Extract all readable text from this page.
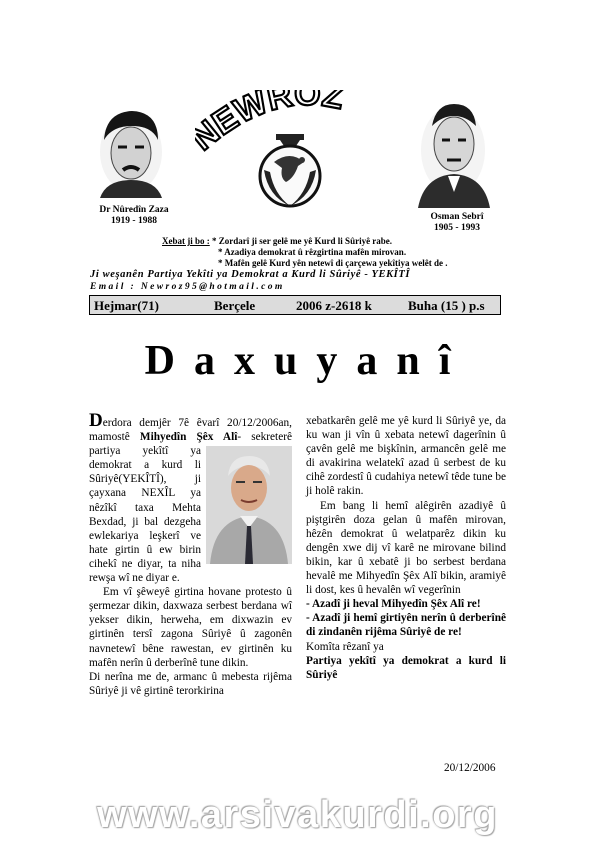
EWROZ
Dr Nûredîn Zaza
1919 - 1988	Osman Sebrî
1905 - 1993
Xebat ji bo : * Zordarî ji ser gelê me yê Kurd li Sûriyê rabe.
* Azadiya demokrat û rêzgirtina mafên mirovan.
* Mafên gelê Kurd yên netewî di çarçewa yekîtiya welêt de .
Ji weşanên Partiya Yekîti ya Demokrat a Kurd li Sûriyê - YEKÎTÎ
Email : Newroz95@hotmail.com
Hejmar(71)	Berçele	2006 z-2618 k	Buha (15 ) p.s
Daxuyanî

Derdora demjêr 7ê êvarî 20/12/2006an, mamostê Mihyedîn Şêx Alî
- sekreterê partiya yekîtî ya demokrat a kurd li Sûriyê(YEKÎTÎ), ji çayxana NEXÎL ya nêzîkî taxa Mehta Bexdad, ji bal dezgeha ewlekariya leşkerî ve hate girtin û ew birin cihekî ne diyar, ta niha rewşa wî ne diyar e.

Em vî şêweyê girtina hovane protesto û şermezar dikin, daxwaza serbest berdana wî yekser dikin, herweha, em dixwazin ev girtinên tersî zagona Sûriyê û zagonên navnetewî bêne rawestan, ev girtinên ku mafên nerîn û derberînê tune dikin.

Di nerîna me de, armanc û mebesta rijêma Sûriyê ji vê girtinê terorkirina

xebatkarên gelê me yê kurd li Sûriyê ye, da ku wan ji vîn û xebata netewî dagerînin û çavên gelê me bişkînin, armancên gelê me di avakirina welatekî azad û serbest de ku cihê zordestî û cudahiya netewî têde tune be ji holê rakin.

Em bang li hemî alêgirên azadiyê û piştgirên doza gelan û mafên mirovan, hêzên demokrat û welatparêz dikin ku dengên xwe dij vî karê ne mirovane bilind bikin, kar û xebatê ji bo serbest berdana hevalê me Mihyedîn Şêx Alî bikin, aramiyê li dost, kes û hevalên wî vegerînin

- Azadî ji heval Mihyedîn Şêx Alî re!

- Azadî ji hemî girtiyên nerîn û derberînê di zindanên rijêma Sûriyê de re!

Komîta rêzanî ya

Partiya yekîtî ya demokrat a kurd li Sûriyê

20/12/2006
www.arsivakurdi.org
